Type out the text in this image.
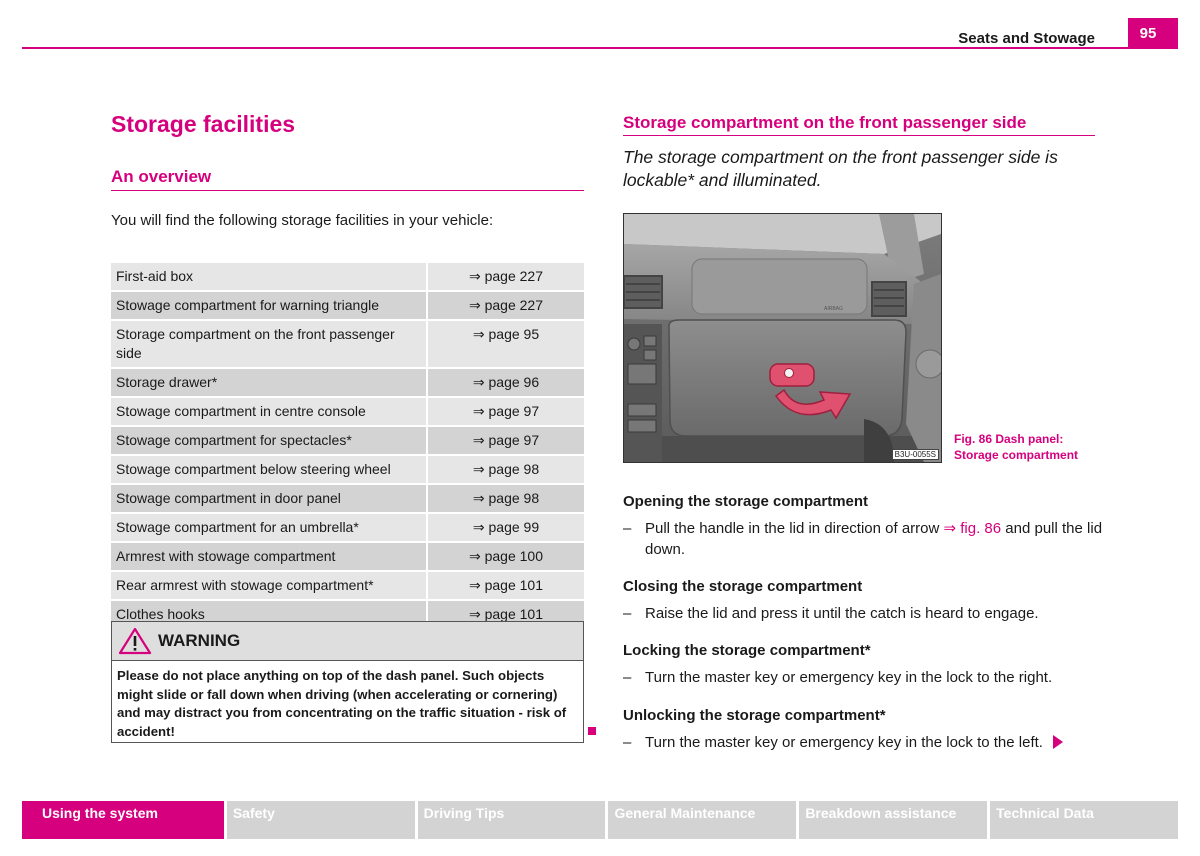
Seats and Stowage	95
Storage facilities
An overview
You will find the following storage facilities in your vehicle:
First-aid box	⇒ page 227
Stowage compartment for warning triangle	⇒ page 227
Storage compartment on the front passenger side	⇒ page 95
Storage drawer*	⇒ page 96
Stowage compartment in centre console	⇒ page 97
Stowage compartment for spectacles*	⇒ page 97
Stowage compartment below steering wheel	⇒ page 98
Stowage compartment in door panel	⇒ page 98
Stowage compartment for an umbrella*	⇒ page 99
Armrest with stowage compartment	⇒ page 100
Rear armrest with stowage compartment*	⇒ page 101
Clothes hooks	⇒ page 101
WARNING
Please do not place anything on top of the dash panel. Such objects might slide or fall down when driving (when accelerating or cornering) and may distract you from concentrating on the traffic situation - risk of accident!
Storage compartment on the front passenger side
The storage compartment on the front passenger side is lockable* and illuminated.
AIRBAG
B3U-0055S
Fig. 86 Dash panel:
Storage compartment
Opening the storage compartment
– Pull the handle in the lid in direction of arrow ⇒ fig. 86 and pull the lid down.
Closing the storage compartment
– Raise the lid and press it until the catch is heard to engage.
Locking the storage compartment*
– Turn the master key or emergency key in the lock to the right.
Unlocking the storage compartment*
– Turn the master key or emergency key in the lock to the left.
Using the system	Safety	Driving Tips	General Maintenance	Breakdown assistance	Technical Data
